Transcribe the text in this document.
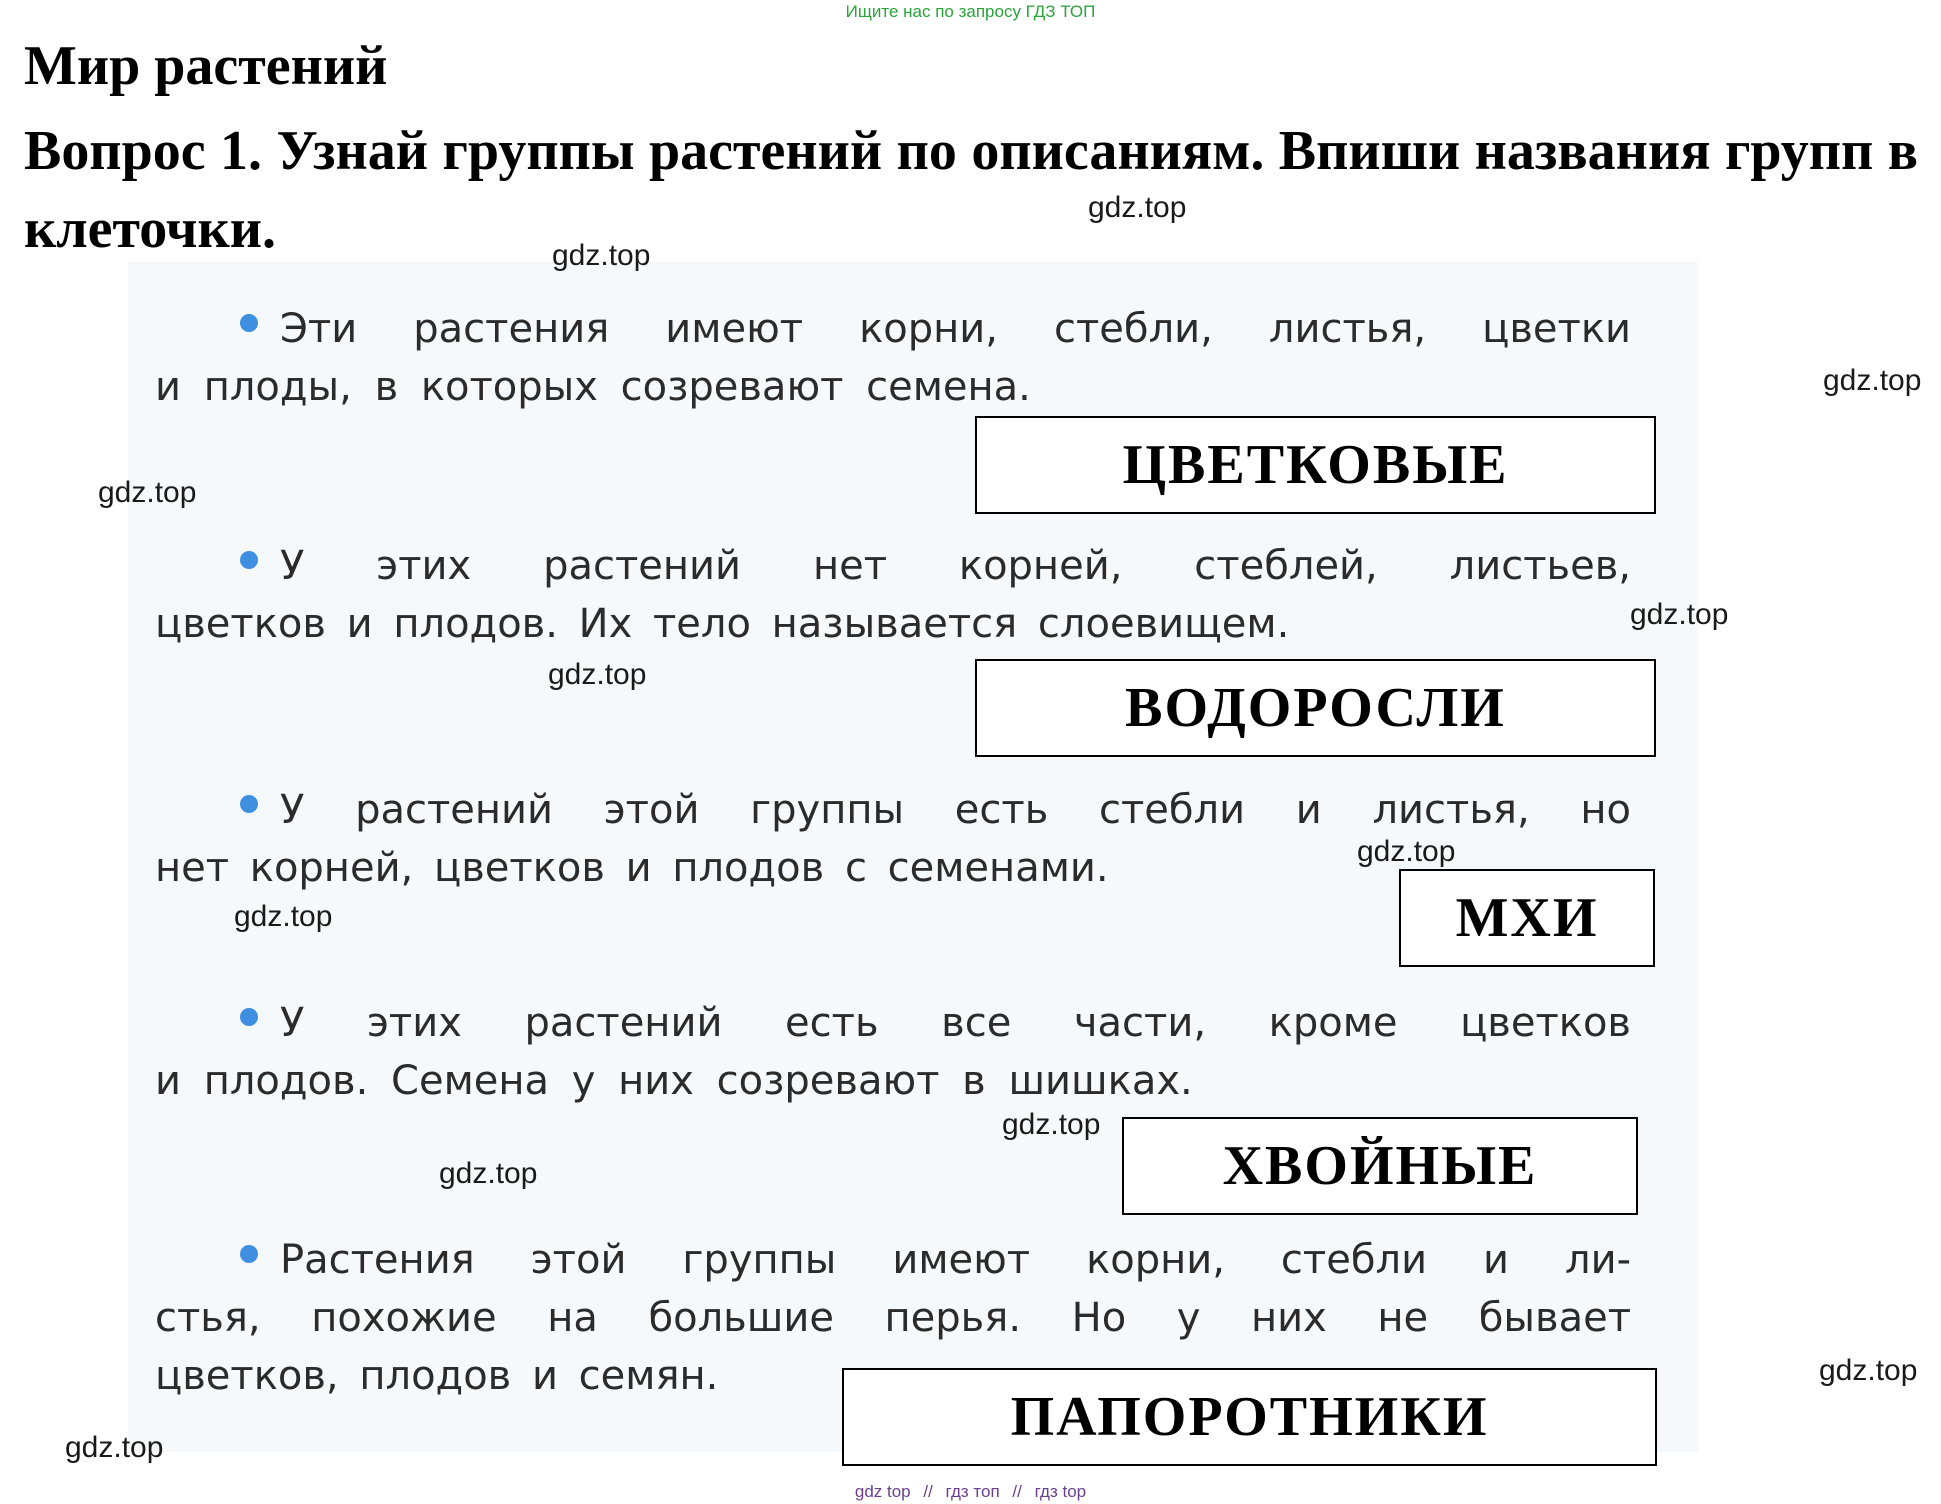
Ищите нас по запросу ГДЗ ТОП
Мир растений
Вопрос 1. Узнай группы растений по описаниям. Впиши названия групп в клеточки.
Эти растения имеют корни, стебли, листья, цветки
и плоды, в которых созревают семена.
ЦВЕТКОВЫЕ
У этих растений нет корней, стеблей, листьев,
цветков и плодов. Их тело называется слоевищем.
ВОДОРОСЛИ
У растений этой группы есть стебли и листья, но
нет корней, цветков и плодов с семенами.
МХИ
У этих растений есть все части, кроме цветков
и плодов. Семена у них созревают в шишках.
ХВОЙНЫЕ
Растения этой группы имеют корни, стебли и ли-
стья, похожие на большие перья. Но у них не бывает
цветков, плодов и семян.
ПАПОРОТНИКИ
gdz.top
gdz.top
gdz.top
gdz.top
gdz.top
gdz.top
gdz.top
gdz.top
gdz.top
gdz.top
gdz.top
gdz.top
gdz top // гдз топ // гдз top
